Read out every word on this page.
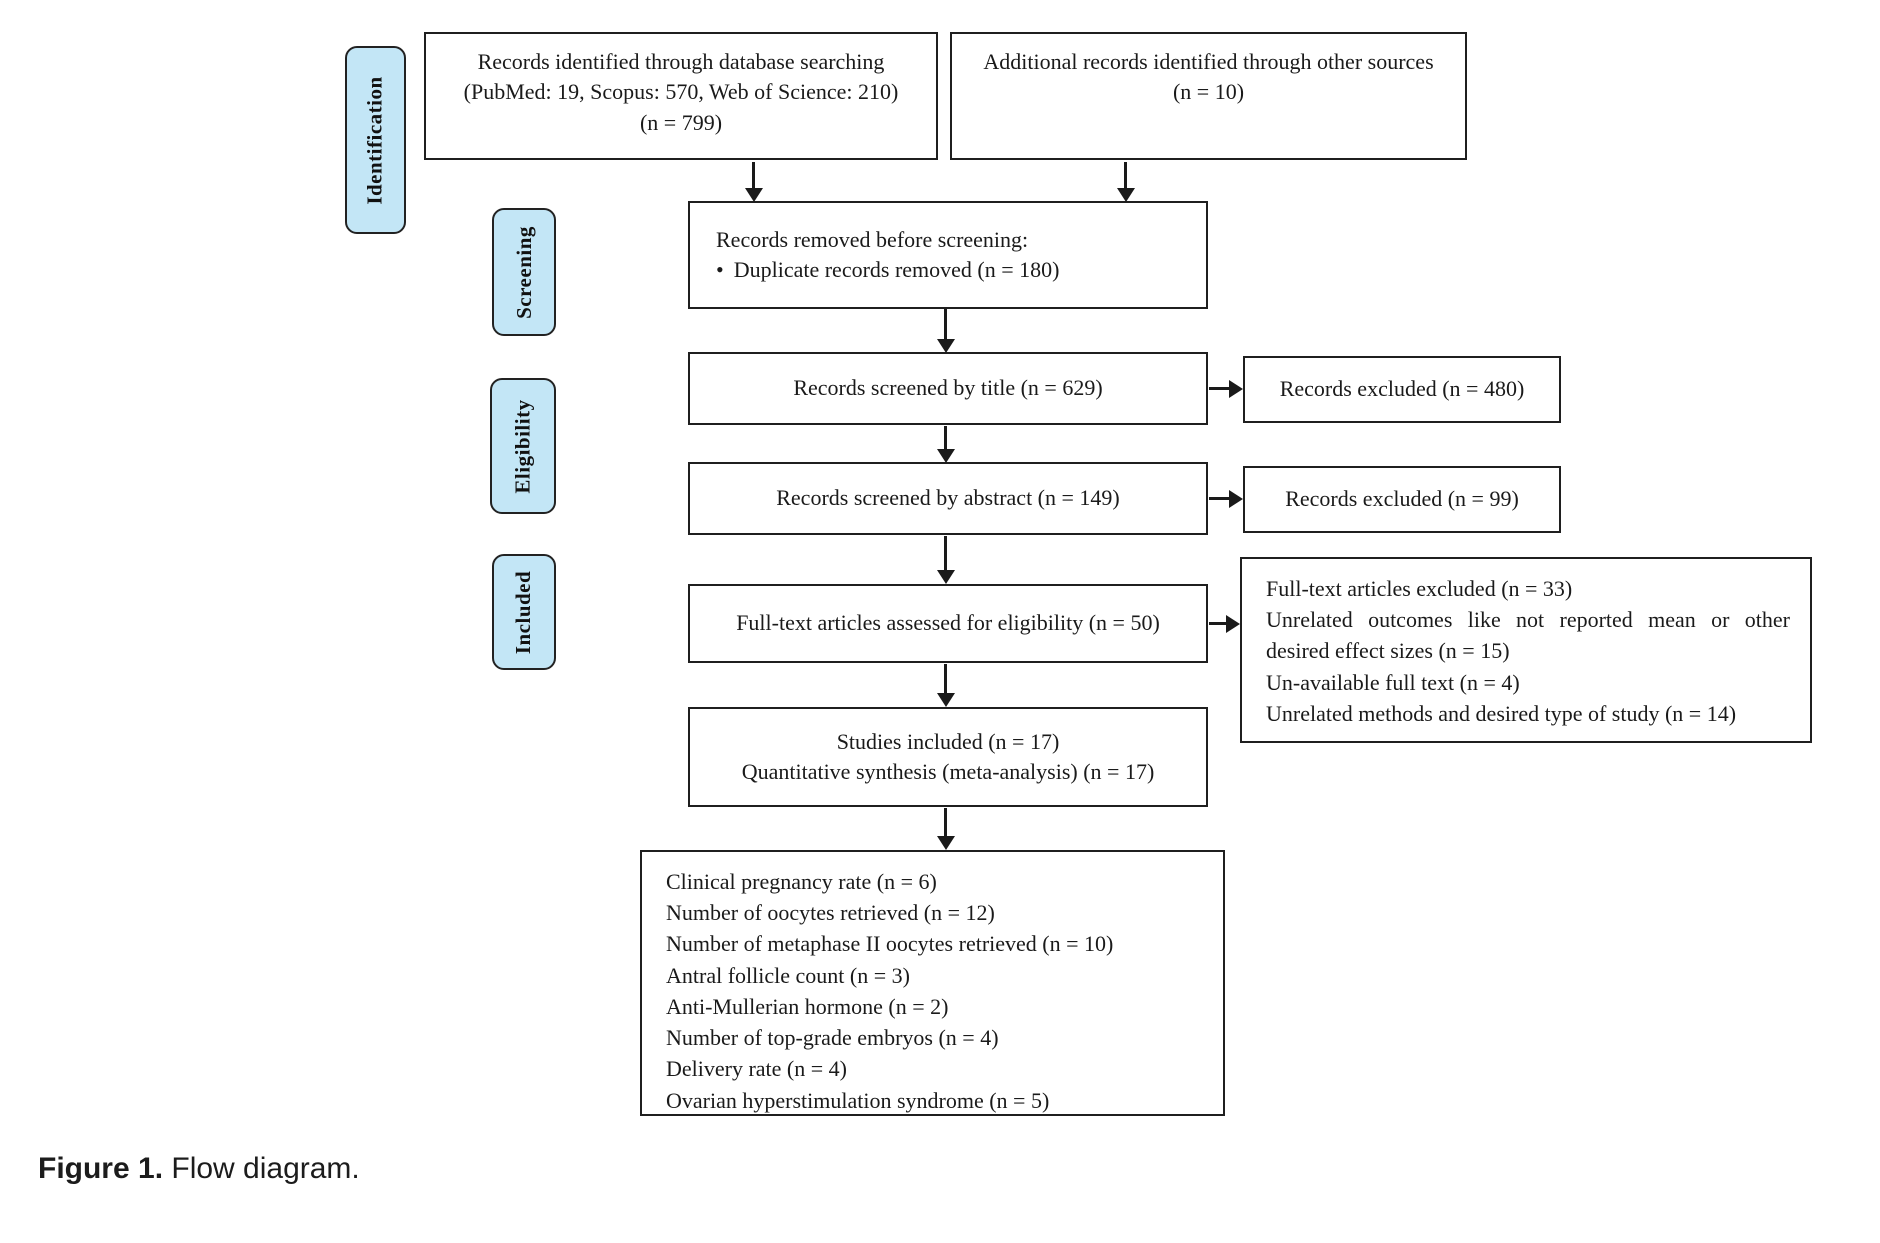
Identification
Screening
Eligibility
Included
Records identified through database searching (PubMed: 19, Scopus: 570, Web of Science: 210) (n = 799)
Additional records identified through other sources (n = 10)
Records removed before screening:
• Duplicate records removed (n = 180)
Records screened by title (n = 629)	Records excluded (n = 480)
Records screened by abstract (n = 149)	Records excluded (n = 99)
Full-text articles assessed for eligibility (n = 50)
Full-text articles excluded (n = 33)
Unrelated outcomes like not reported mean or other desired effect sizes (n = 15)
Un-available full text (n = 4)
Unrelated methods and desired type of study (n = 14)
Studies included (n = 17)
Quantitative synthesis (meta-analysis) (n = 17)
Clinical pregnancy rate (n = 6)
Number of oocytes retrieved (n = 12)
Number of metaphase II oocytes retrieved (n = 10)
Antral follicle count (n = 3)
Anti-Mullerian hormone (n = 2)
Number of top-grade embryos (n = 4)
Delivery rate (n = 4)
Ovarian hyperstimulation syndrome (n = 5)
Figure 1. Flow diagram.
